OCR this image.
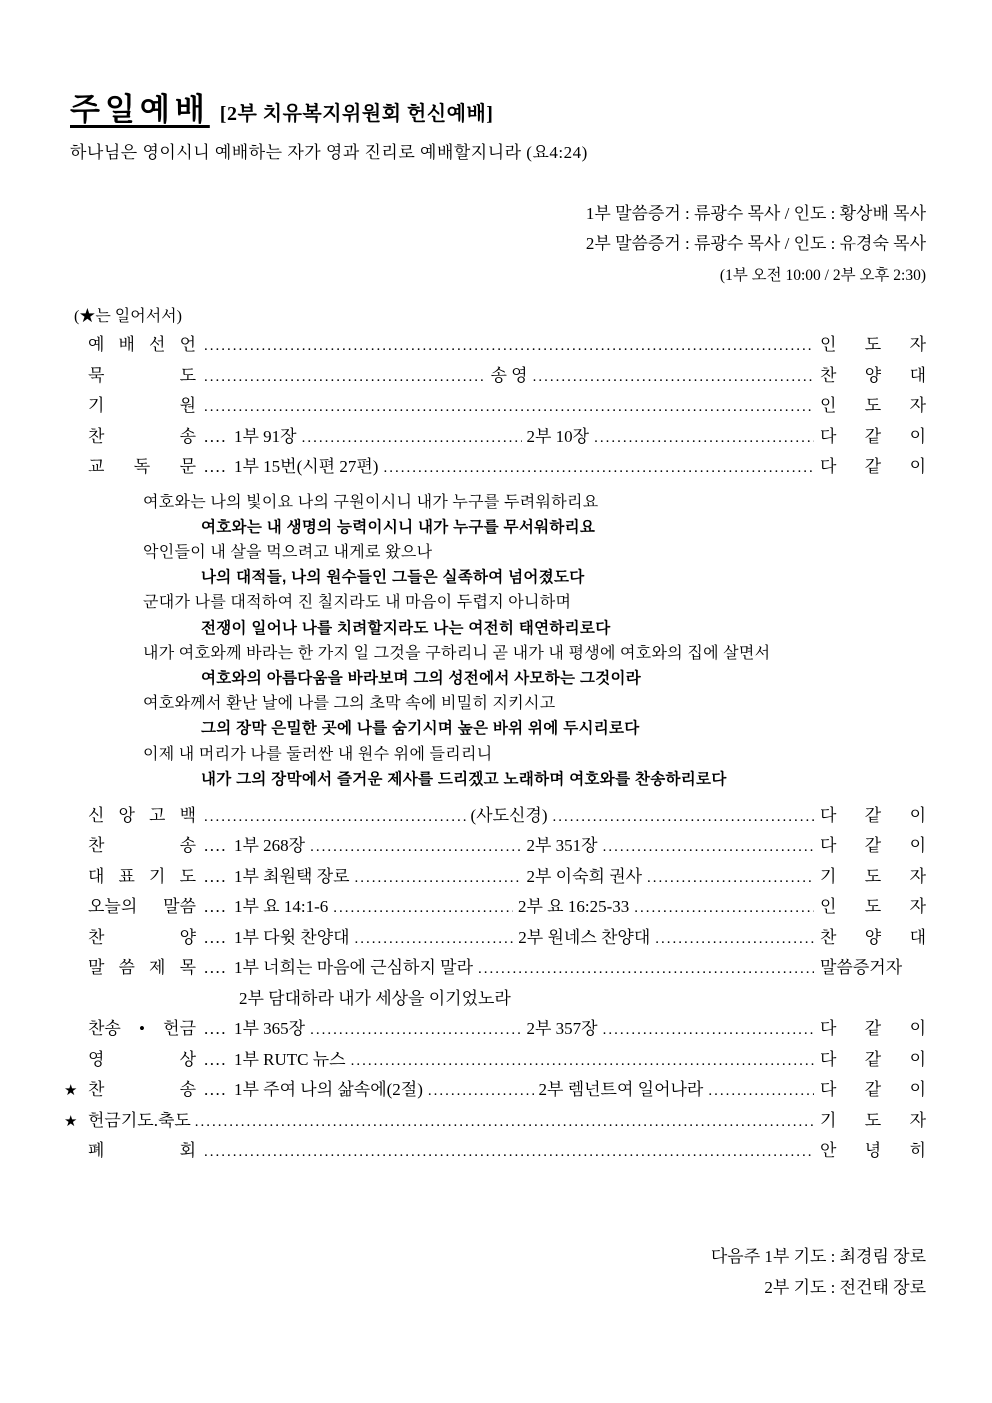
주일예배 [2부 치유복지위원회 헌신예배]
하나님은 영이시니 예배하는 자가 영과 진리로 예배할지니라 (요4:24)
1부 말씀증거 : 류광수 목사 / 인도 : 황상배 목사
2부 말씀증거 : 류광수 목사 / 인도 : 유경숙 목사
(1부 오전 10:00 / 2부 오후 2:30)
(★는 일어서서)
예 배 선 언 .....	인 도 자
묵 도 .....	송 영 .....	찬 양 대
기 원 .....	인 도 자
찬 송 .... 1부 91장 .....	2부 10장 .....	다 같 이
교 독 문 .... 1부 15번(시편 27편) .....	다 같 이
여호와는 나의 빛이요 나의 구원이시니 내가 누구를 두려워하리요
여호와는 내 생명의 능력이시니 내가 누구를 무서워하리요
악인들이 내 살을 먹으려고 내게로 왔으나
나의 대적들, 나의 원수들인 그들은 실족하여 넘어졌도다
군대가 나를 대적하여 진 칠지라도 내 마음이 두렵지 아니하며
전쟁이 일어나 나를 치려할지라도 나는 여전히 태연하리로다
내가 여호와께 바라는 한 가지 일 그것을 구하리니 곧 내가 내 평생에 여호와의 집에 살면서
여호와의 아름다움을 바라보며 그의 성전에서 사모하는 그것이라
여호와께서 환난 날에 나를 그의 초막 속에 비밀히 지키시고
그의 장막 은밀한 곳에 나를 숨기시며 높은 바위 위에 두시리로다
이제 내 머리가 나를 둘러싼 내 원수 위에 들리리니
내가 그의 장막에서 즐거운 제사를 드리겠고 노래하며 여호와를 찬송하리로다
신 앙 고 백 .....	(사도신경) .....	다 같 이
찬 송 .... 1부 268장 .....	2부 351장 .....	다 같 이
대 표 기 도 .... 1부 최원택 장로 .....	2부 이숙희 권사 .....	기 도 자
오늘의 말씀 .... 1부 요 14:1-6 .....	2부 요 16:25-33 .....	인 도 자
찬 양 .... 1부 다윗 찬양대 .....	2부 원네스 찬양대 .....	찬 양 대
말 씀 제 목 .... 1부 너희는 마음에 근심하지 말라 .....	말씀증거자
2부 담대하라 내가 세상을 이기었노라
찬송 • 헌금 .... 1부 365장 .....	2부 357장 .....	다 같 이
영 상 .... 1부 RUTC 뉴스 .....	다 같 이
★ 찬 송 .... 1부 주여 나의 삶속에(2절) .....	2부 렘넌트여 일어나라 .....	다 같 이
★ 헌금기도.축도 .....	기 도 자
폐 회 .....	안 녕 히
다음주 1부 기도 : 최경림 장로
2부 기도 : 전건태 장로
